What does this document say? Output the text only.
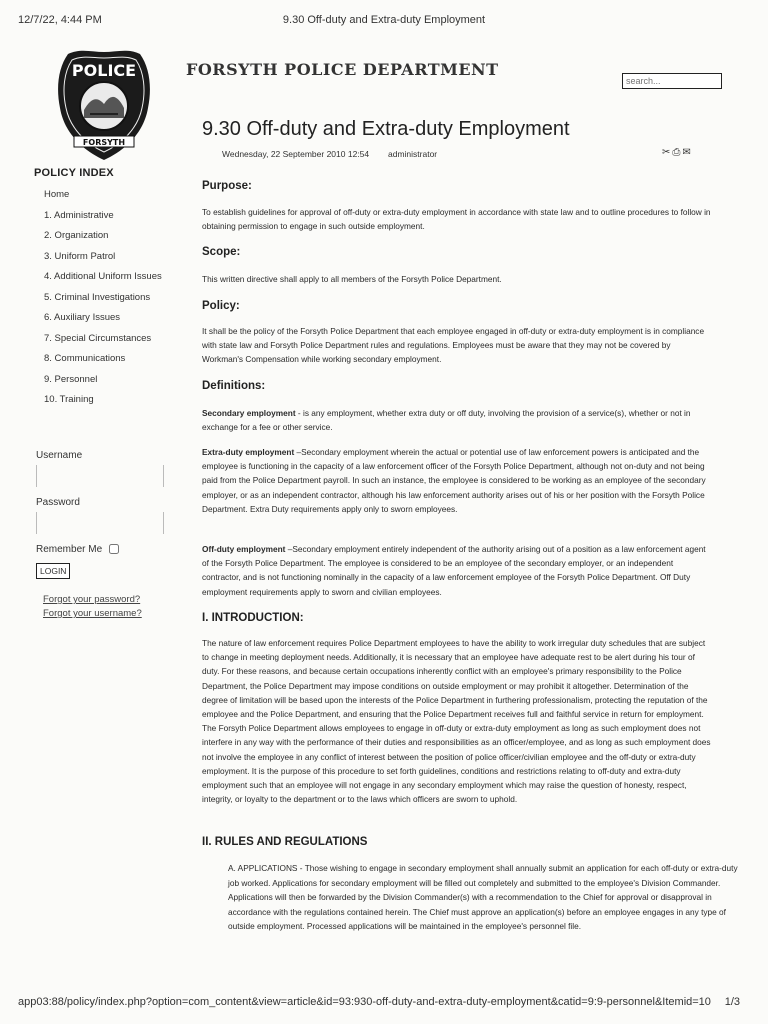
12/7/22, 4:44 PM	9.30 Off-duty and Extra-duty Employment
POLICE
FORSYTH
FORSYTH POLICE DEPARTMENT
search...
POLICY INDEX
Home
1. Administrative
2. Organization
3. Uniform Patrol
4. Additional Uniform Issues
5. Criminal Investigations
6. Auxiliary Issues
7. Special Circumstances
8. Communications
9. Personnel
10. Training
Username
Password
Remember Me
LOGIN
Forgot your password?
Forgot your username?
9.30 Off-duty and Extra-duty Employment
Wednesday, 22 September 2010 12:54 administrator	✂⎙✉
Purpose:

To establish guidelines for approval of off-duty or extra-duty employment in accordance with state law and to outline procedures to follow in obtaining permission to engage in such outside employment.

Scope:

This written directive shall apply to all members of the Forsyth Police Department.

Policy:

It shall be the policy of the Forsyth Police Department that each employee engaged in off-duty or extra-duty employment is in compliance with state law and Forsyth Police Department rules and regulations. Employees must be aware that they may not be covered by Workman's Compensation while working secondary employment.

Definitions:

Secondary employment - is any employment, whether extra duty or off duty, involving the provision of a service(s), whether or not in exchange for a fee or other service.

Extra-duty employment –Secondary employment wherein the actual or potential use of law enforcement powers is anticipated and the employee is functioning in the capacity of a law enforcement officer of the Forsyth Police Department, although not on-duty and not being paid from the Police Department payroll. In such an instance, the employee is considered to be working as an employee of the secondary employer, or as an independent contractor, although his law enforcement authority arises out of his or her position with the Forsyth Police Department. Extra Duty requirements apply only to sworn employees.

Off-duty employment –Secondary employment entirely independent of the authority arising out of a position as a law enforcement agent of the Forsyth Police Department. The employee is considered to be an employee of the secondary employer, or an independent contractor, and is not functioning nominally in the capacity of a law enforcement employee of the Forsyth Police Department. Off Duty employment requirements apply to sworn and civilian employees.

I. INTRODUCTION:

The nature of law enforcement requires Police Department employees to have the ability to work irregular duty schedules that are subject to change in meeting deployment needs. Additionally, it is necessary that an employee have adequate rest to be alert during his tour of duty. For these reasons, and because certain occupations inherently conflict with an employee's primary responsibility to the Police Department, the Police Department may impose conditions on outside employment or may prohibit it altogether. Determination of the degree of limitation will be based upon the interests of the Police Department in furthering professionalism, protecting the reputation of the employee and the Police Department, and ensuring that the Police Department receives full and faithful service in return for employment. The Forsyth Police Department allows employees to engage in off-duty or extra-duty employment as long as such employment does not interfere in any way with the performance of their duties and responsibilities as an officer/employee, and as long as such employment does not involve the employee in any conflict of interest between the position of police officer/civilian employee and the off-duty or extra-duty employment. It is the purpose of this procedure to set forth guidelines, conditions and restrictions relating to off-duty and extra-duty employment such that an employee will not engage in any secondary employment which may raise the question of honesty, respect, integrity, or loyalty to the department or to the laws which officers are sworn to uphold.

II. RULES AND REGULATIONS

A. APPLICATIONS - Those wishing to engage in secondary employment shall annually submit an application for each off-duty or extra-duty job worked. Applications for secondary employment will be filled out completely and submitted to the employee's Division Commander. Applications will then be forwarded by the Division Commander(s) with a recommendation to the Chief for approval or disapproval in accordance with the regulations contained herein. The Chief must approve an application(s) before an employee engages in any type of outside employment. Processed applications will be maintained in the employee's personnel file.

app03:88/policy/index.php?option=com_content&view=article&id=93:930-off-duty-and-extra-duty-employment&catid=9:9-personnel&Itemid=10 1/3
